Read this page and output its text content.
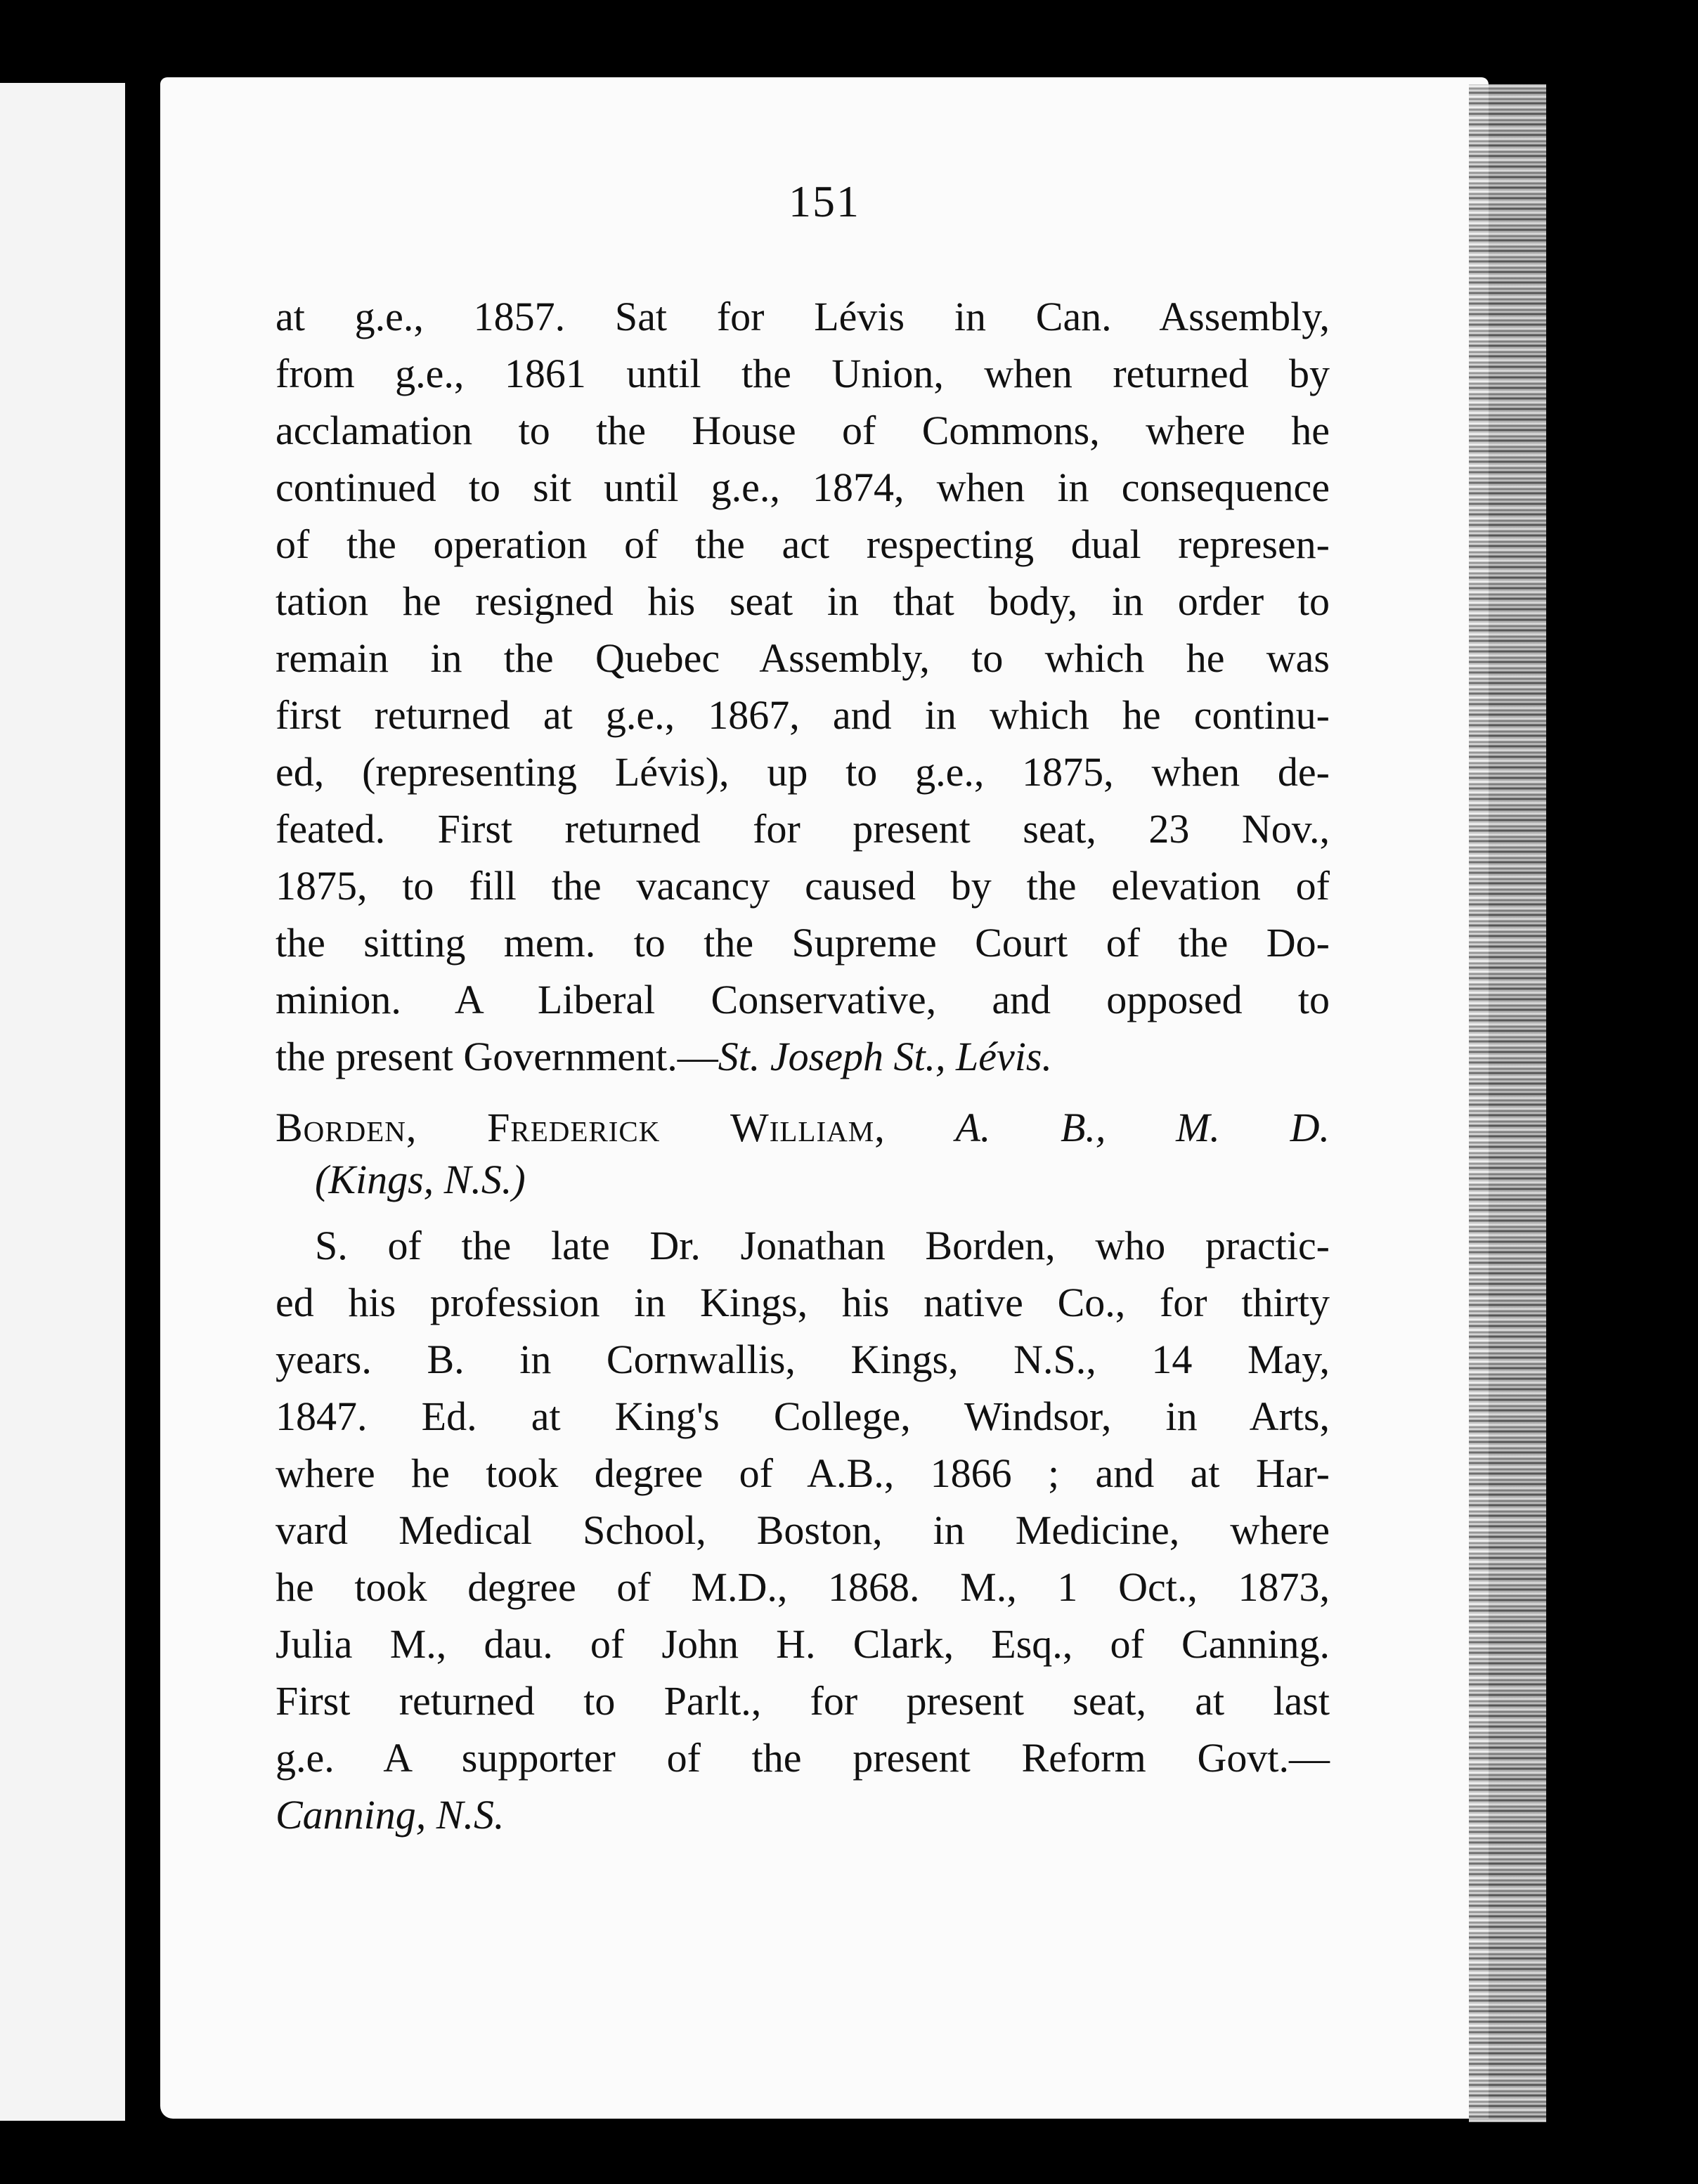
151
at g.e., 1857. Sat for Lévis in Can. Assembly,
from g.e., 1861 until the Union, when returned by
acclamation to the House of Commons, where he
continued to sit until g.e., 1874, when in consequence
of the operation of the act respecting dual represen-
tation he resigned his seat in that body, in order to
remain in the Quebec Assembly, to which he was
first returned at g.e., 1867, and in which he continu-
ed, (representing Lévis), up to g.e., 1875, when de-
feated. First returned for present seat, 23 Nov.,
1875, to fill the vacancy caused by the elevation of
the sitting mem. to the Supreme Court of the Do-
minion. A Liberal Conservative, and opposed to
the present Government.—St. Joseph St., Lévis.
Borden, Frederick William, A. B., M. D.
(Kings, N.S.)
S. of the late Dr. Jonathan Borden, who practic-
ed his profession in Kings, his native Co., for thirty
years. B. in Cornwallis, Kings, N.S., 14 May,
1847. Ed. at King's College, Windsor, in Arts,
where he took degree of A.B., 1866 ; and at Har-
vard Medical School, Boston, in Medicine, where
he took degree of M.D., 1868. M., 1 Oct., 1873,
Julia M., dau. of John H. Clark, Esq., of Canning.
First returned to Parlt., for present seat, at last
g.e. A supporter of the present Reform Govt.—
Canning, N.S.
